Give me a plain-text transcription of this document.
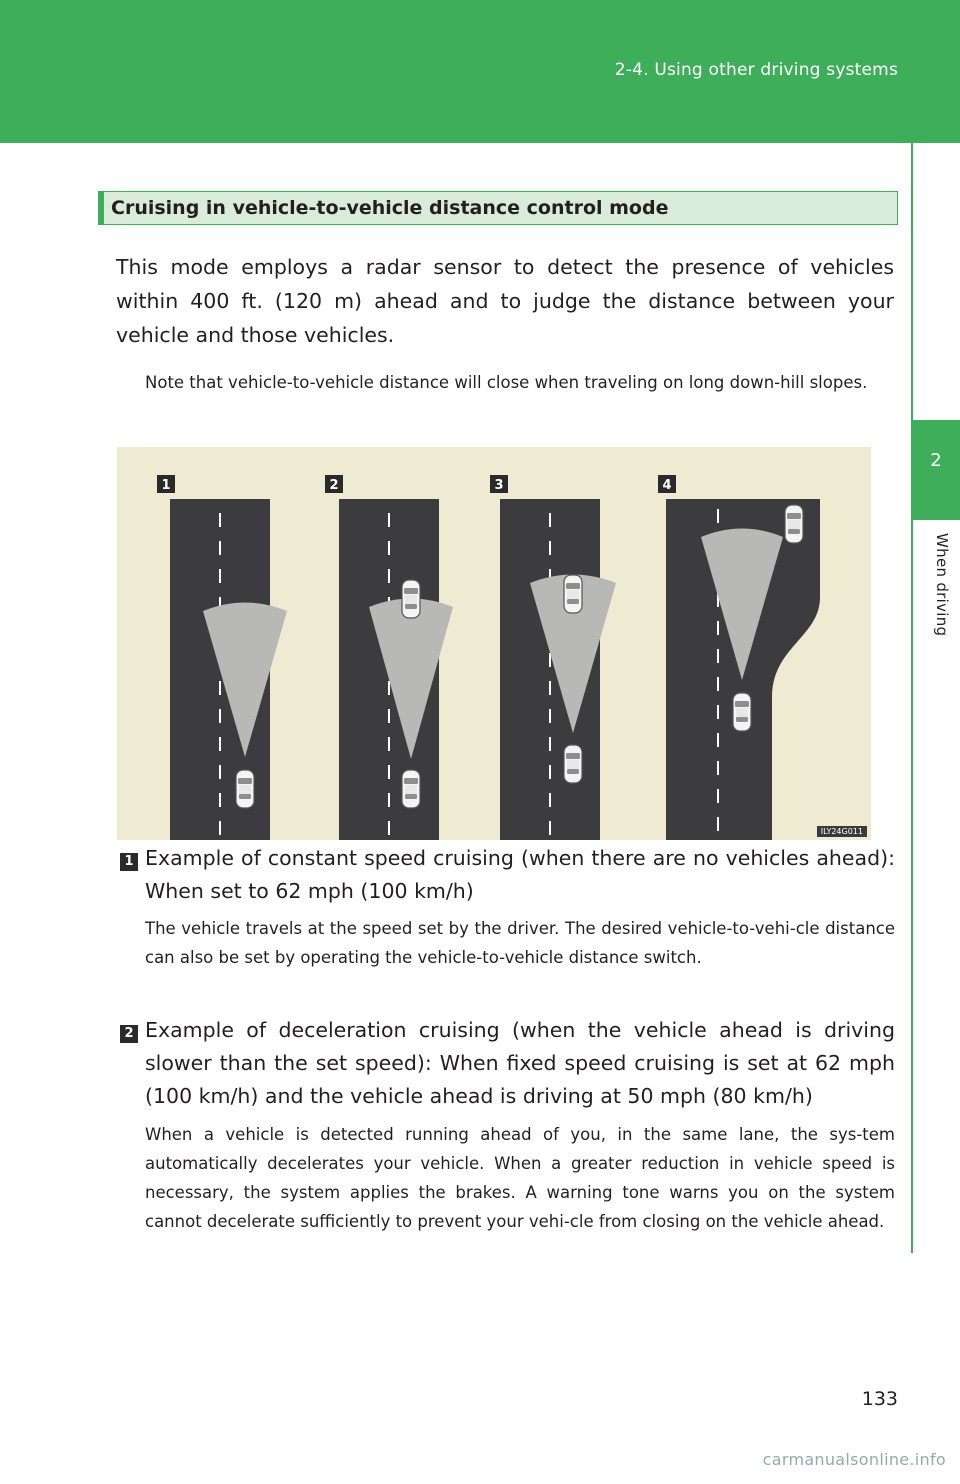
2-4. Using other driving systems
2
When driving
Cruising in vehicle-to-vehicle distance control mode

This mode employs a radar sensor to detect the presence of vehicles within 400 ft. (120 m) ahead and to judge the distance between your vehicle and those vehicles.

Note that vehicle-to-vehicle distance will close when traveling on long down-hill slopes.

1	2	3	4
ILY24G011
1 Example of constant speed cruising (when there are no vehicles ahead): When set to 62 mph (100 km/h)

The vehicle travels at the speed set by the driver. The desired vehicle-to-vehi-cle distance can also be set by operating the vehicle-to-vehicle distance switch.

2 Example of deceleration cruising (when the vehicle ahead is driving slower than the set speed): When fixed speed cruising is set at 62 mph (100 km/h) and the vehicle ahead is driving at 50 mph (80 km/h)

When a vehicle is detected running ahead of you, in the same lane, the sys-tem automatically decelerates your vehicle. When a greater reduction in vehicle speed is necessary, the system applies the brakes. A warning tone warns you on the system cannot decelerate sufficiently to prevent your vehi-cle from closing on the vehicle ahead.

133
carmanualsonline.info
